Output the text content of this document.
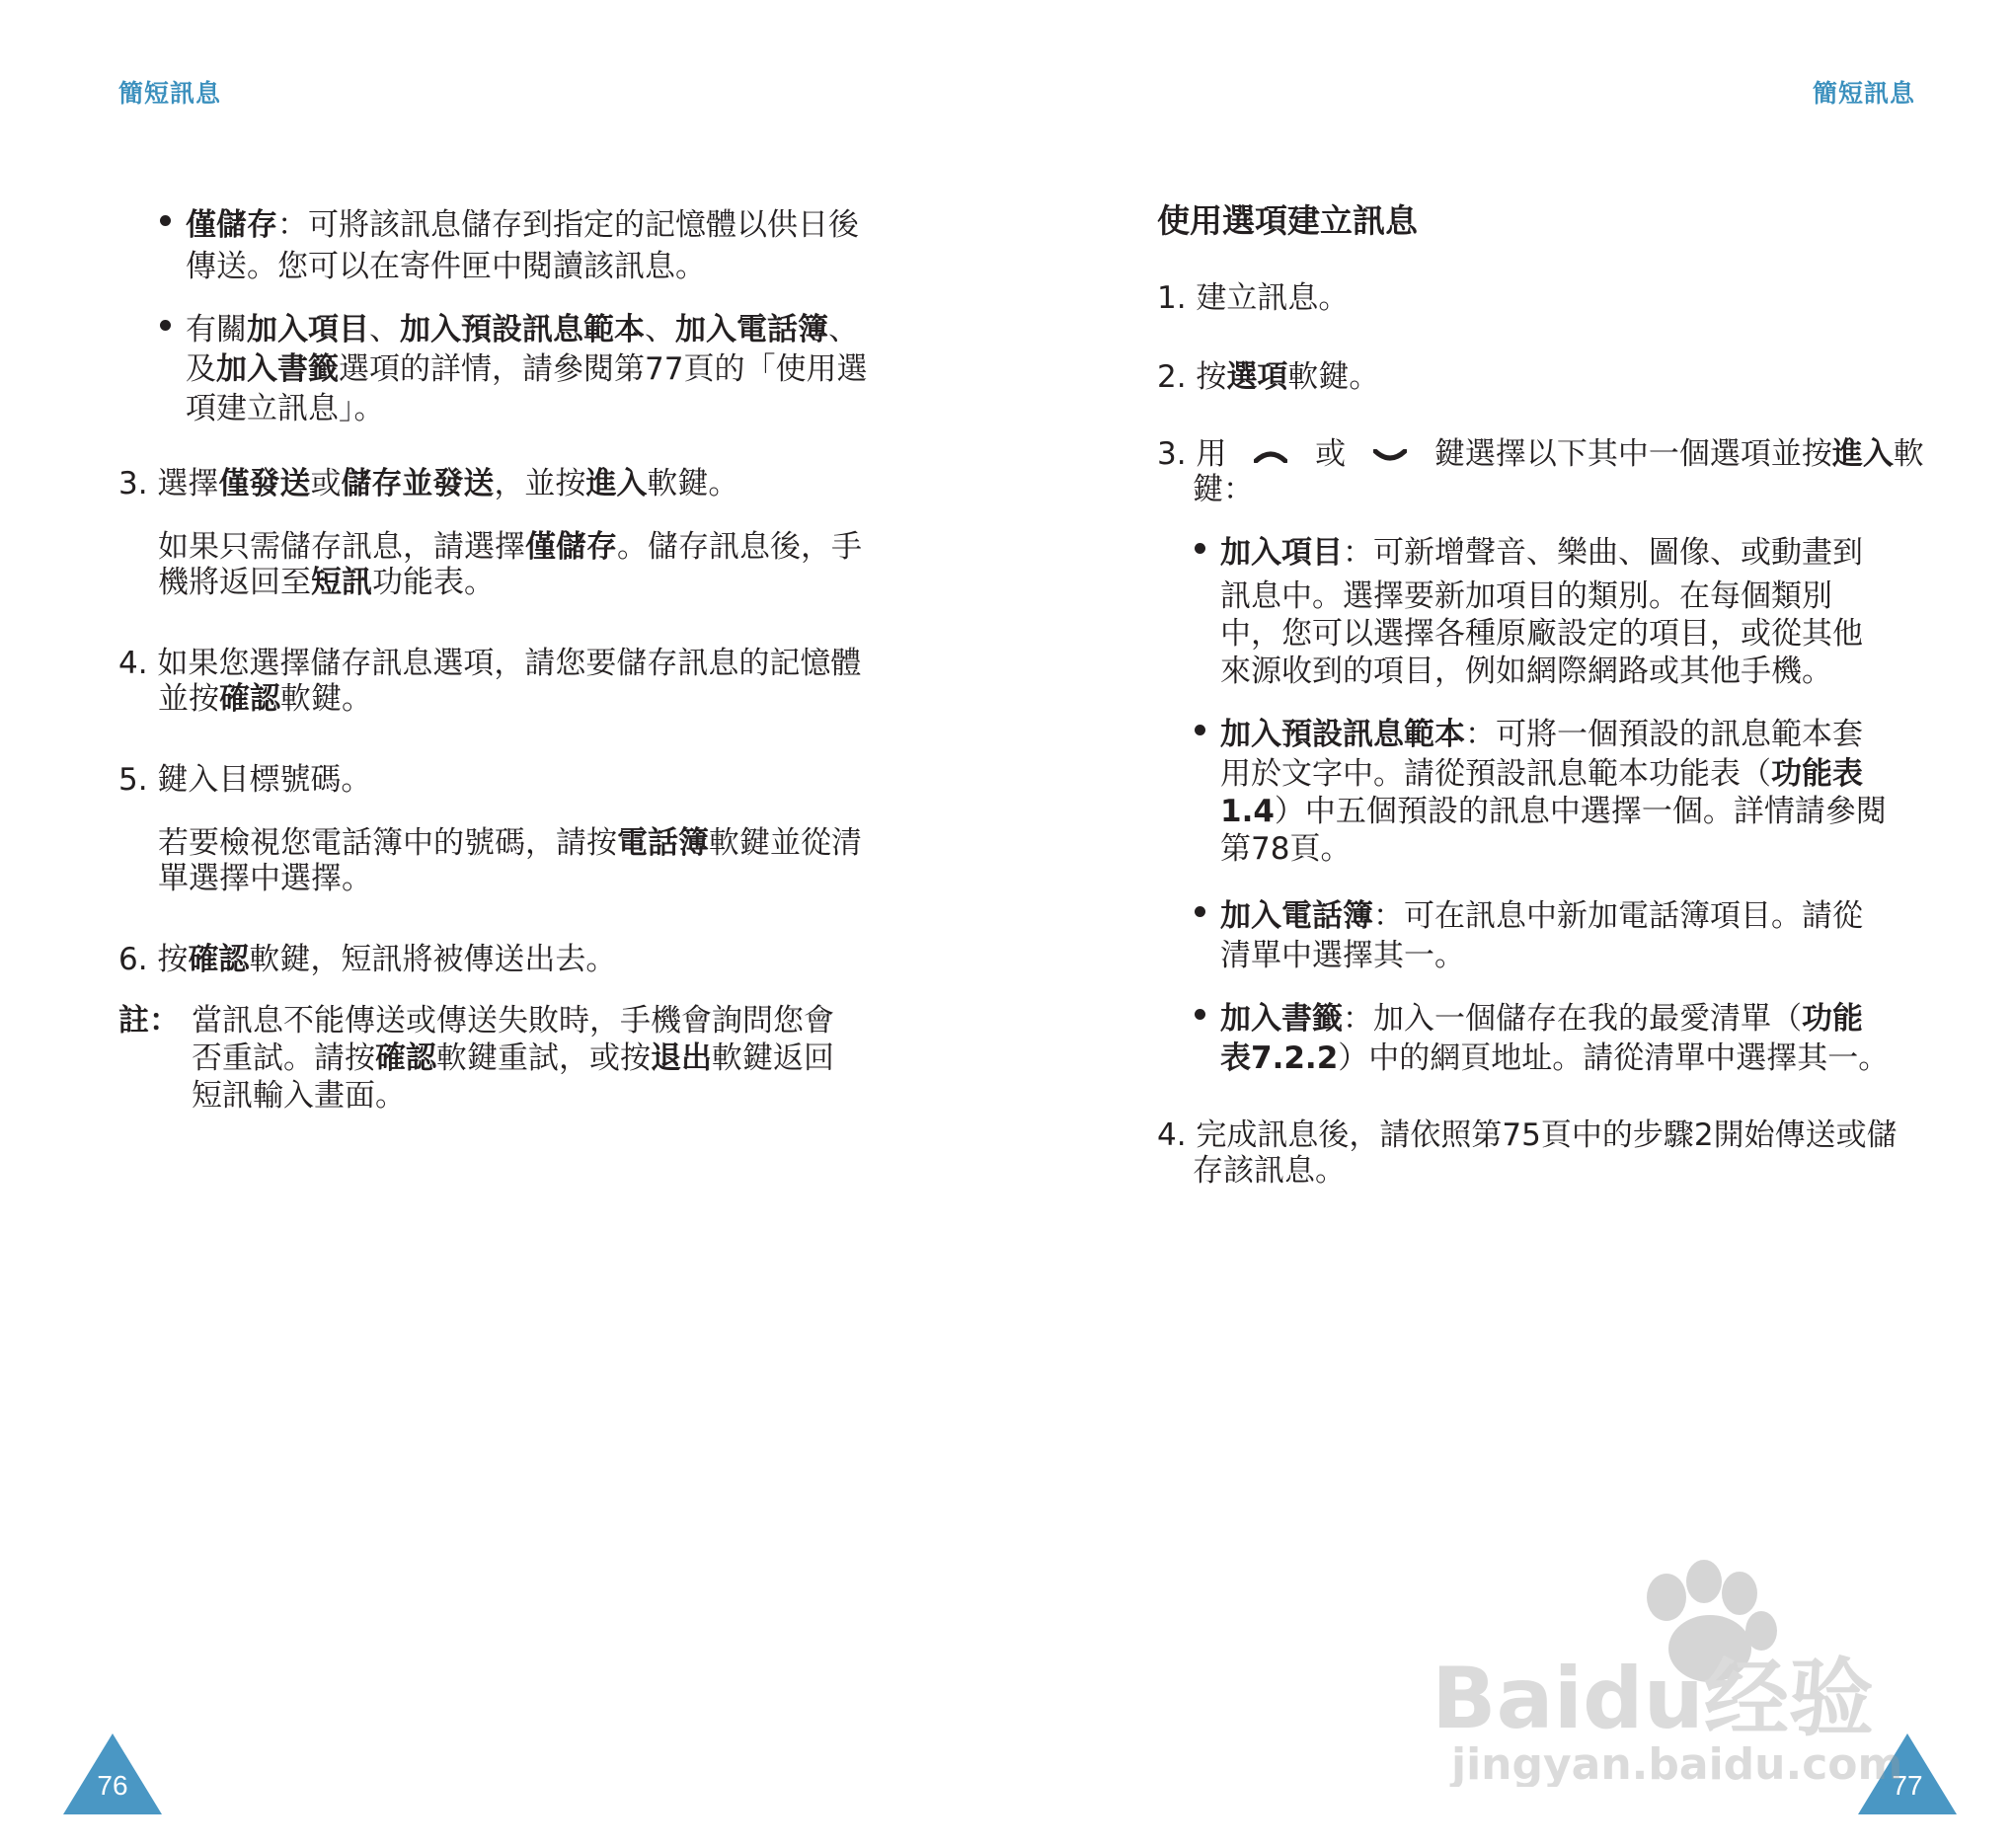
簡短訊息	簡短訊息
僅儲存：可將該訊息儲存到指定的記憶體以供日後
傳送。您可以在寄件匣中閱讀該訊息。
有關加入項目、加入預設訊息範本、加入電話簿、
及加入書籤選項的詳情，請參閱第77頁的「使用選
項建立訊息」。
3. 選擇僅發送或儲存並發送，並按進入軟鍵。
如果只需儲存訊息，請選擇僅儲存。儲存訊息後，手
機將返回至短訊功能表。
4. 如果您選擇儲存訊息選項，請您要儲存訊息的記憶體
並按確認軟鍵。
5. 鍵入目標號碼。
若要檢視您電話簿中的號碼，請按電話簿軟鍵並從清
單選擇中選擇。
6. 按確認軟鍵，短訊將被傳送出去。
註： 當訊息不能傳送或傳送失敗時，手機會詢問您會
否重試。請按確認軟鍵重試，或按退出軟鍵返回
短訊輸入畫面。
76
使用選項建立訊息
1. 建立訊息。
2. 按選項軟鍵。
3. 用	或	鍵選擇以下其中一個選項並按進入軟
鍵：
加入項目：可新增聲音、樂曲、圖像、或動畫到
訊息中。選擇要新加項目的類別。在每個類別
中，您可以選擇各種原廠設定的項目，或從其他
來源收到的項目，例如網際網路或其他手機。
加入預設訊息範本：可將一個預設的訊息範本套
用於文字中。請從預設訊息範本功能表（功能表
1.4）中五個預設的訊息中選擇一個。詳情請參閱
第78頁。
加入電話簿：可在訊息中新加電話簿項目。請從
清單中選擇其一。
加入書籤：加入一個儲存在我的最愛清單（功能
表7.2.2）中的網頁地址。請從清單中選擇其一。
4. 完成訊息後，請依照第75頁中的步驟2開始傳送或儲
存該訊息。
77
Baidu经验
jingyan.baidu.com
